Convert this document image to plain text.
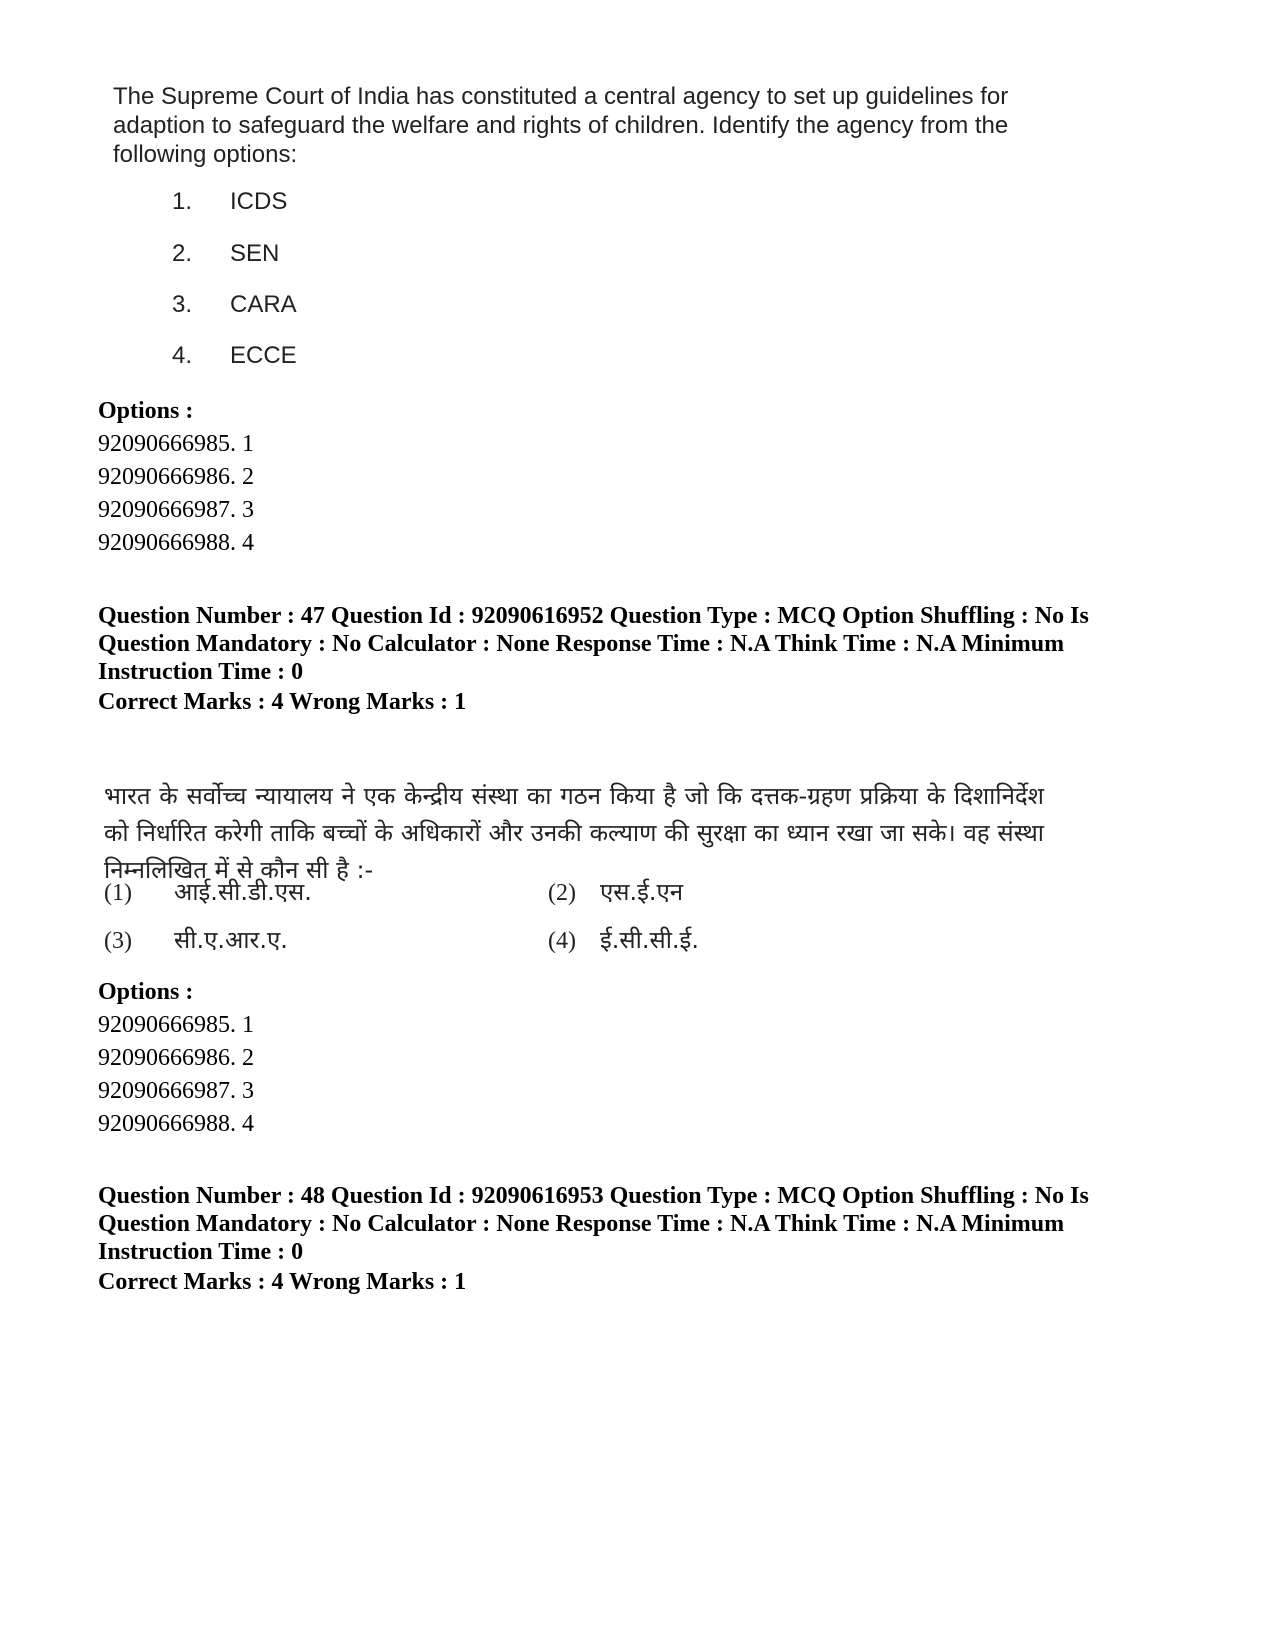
The Supreme Court of India has constituted a central agency to set up guidelines for adaption to safeguard the welfare and rights of children. Identify the agency from the following options:
1. ICDS
2. SEN
3. CARA
4. ECCE
Options :
92090666985. 1
92090666986. 2
92090666987. 3
92090666988. 4
Question Number : 47 Question Id : 92090616952 Question Type : MCQ Option Shuffling : No Is
Question Mandatory : No Calculator : None Response Time : N.A Think Time : N.A Minimum
Instruction Time : 0
Correct Marks : 4 Wrong Marks : 1
भारत के सर्वोच्च न्यायालय ने एक केन्द्रीय संस्था का गठन किया है जो कि दत्तक-ग्रहण प्रक्रिया के दिशानिर्देश को निर्धारित करेगी ताकि बच्चों के अधिकारों और उनकी कल्याण की सुरक्षा का ध्यान रखा जा सके। वह संस्था निम्नलिखित में से कौन सी है :-
(1) आई.सी.डी.एस.	(2) एस.ई.एन
(3) सी.ए.आर.ए.	(4) ई.सी.सी.ई.
Options :
92090666985. 1
92090666986. 2
92090666987. 3
92090666988. 4
Question Number : 48 Question Id : 92090616953 Question Type : MCQ Option Shuffling : No Is
Question Mandatory : No Calculator : None Response Time : N.A Think Time : N.A Minimum
Instruction Time : 0
Correct Marks : 4 Wrong Marks : 1
